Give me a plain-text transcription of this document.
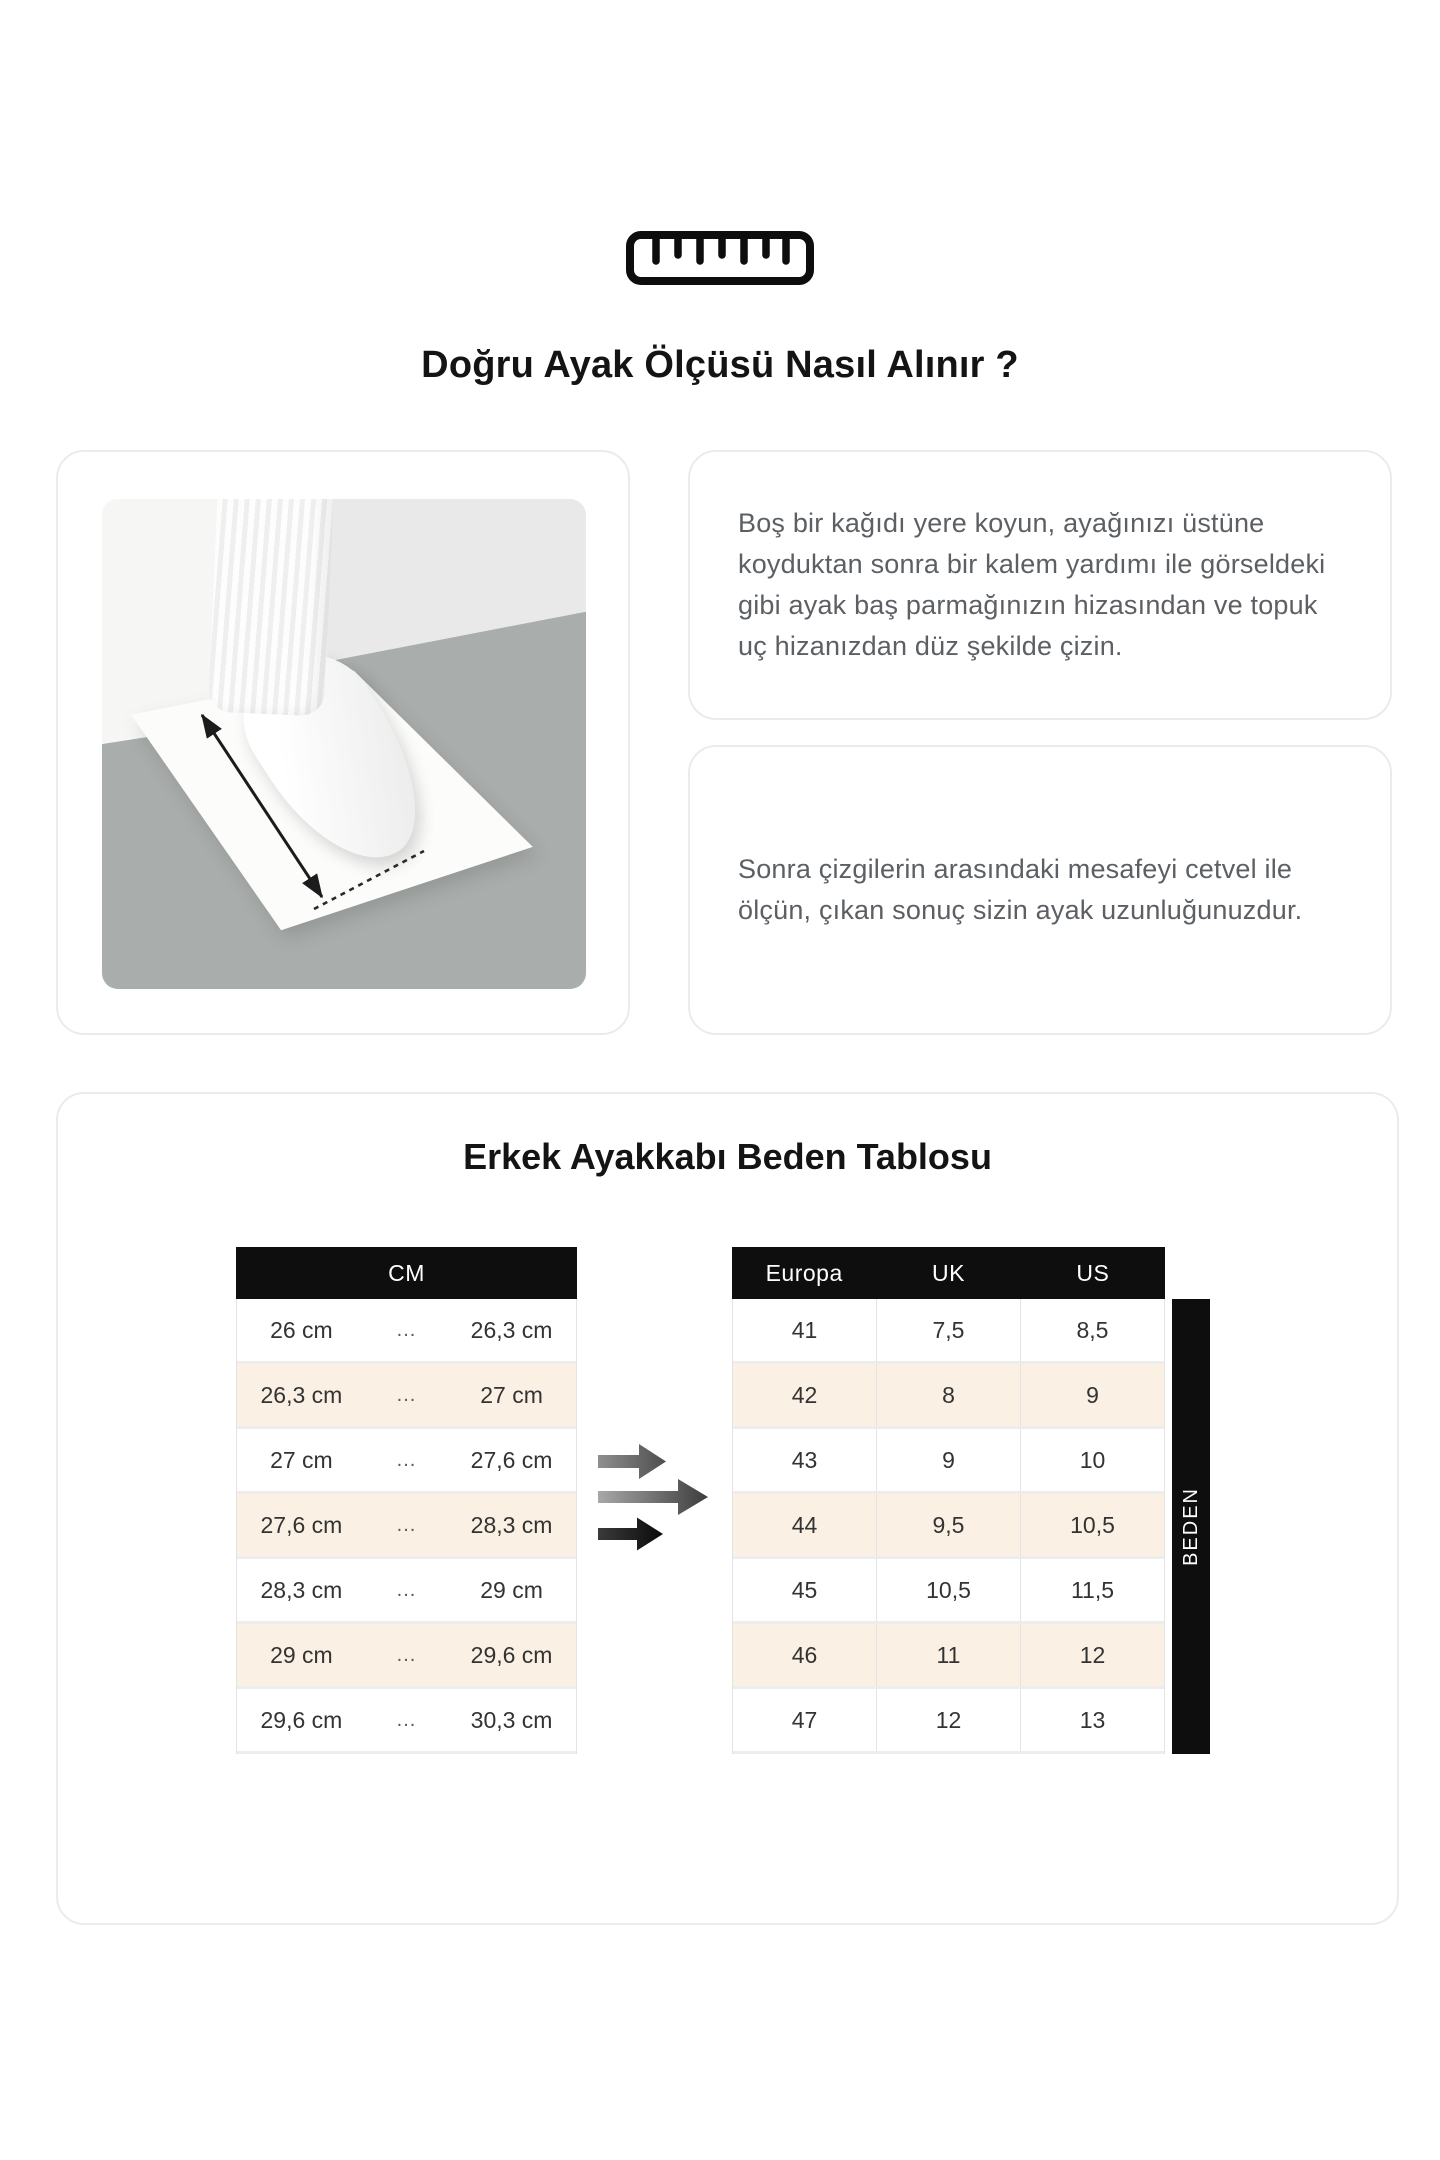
Doğru Ayak Ölçüsü Nasıl Alınır ?
Boş bir kağıdı yere koyun, ayağınızı üstüne koyduktan sonra bir kalem yardımı ile görseldeki gibi ayak baş parmağınızın hizasından ve topuk uç hizanızdan düz şekilde çizin.
Sonra çizgilerin arasındaki mesafeyi cetvel ile ölçün, çıkan sonuç sizin ayak uzunluğunuzdur.
Erkek Ayakkabı Beden Tablosu
CM
26 cm	...	26,3 cm
26,3 cm	...	27 cm
27 cm	...	27,6 cm
27,6 cm	...	28,3 cm
28,3 cm	...	29 cm
29 cm	...	29,6 cm
29,6 cm	...	30,3 cm
Europa	UK	US
41	7,5	8,5
42	8	9
43	9	10
44	9,5	10,5
45	10,5	11,5
46	11	12
47	12	13
BEDEN
